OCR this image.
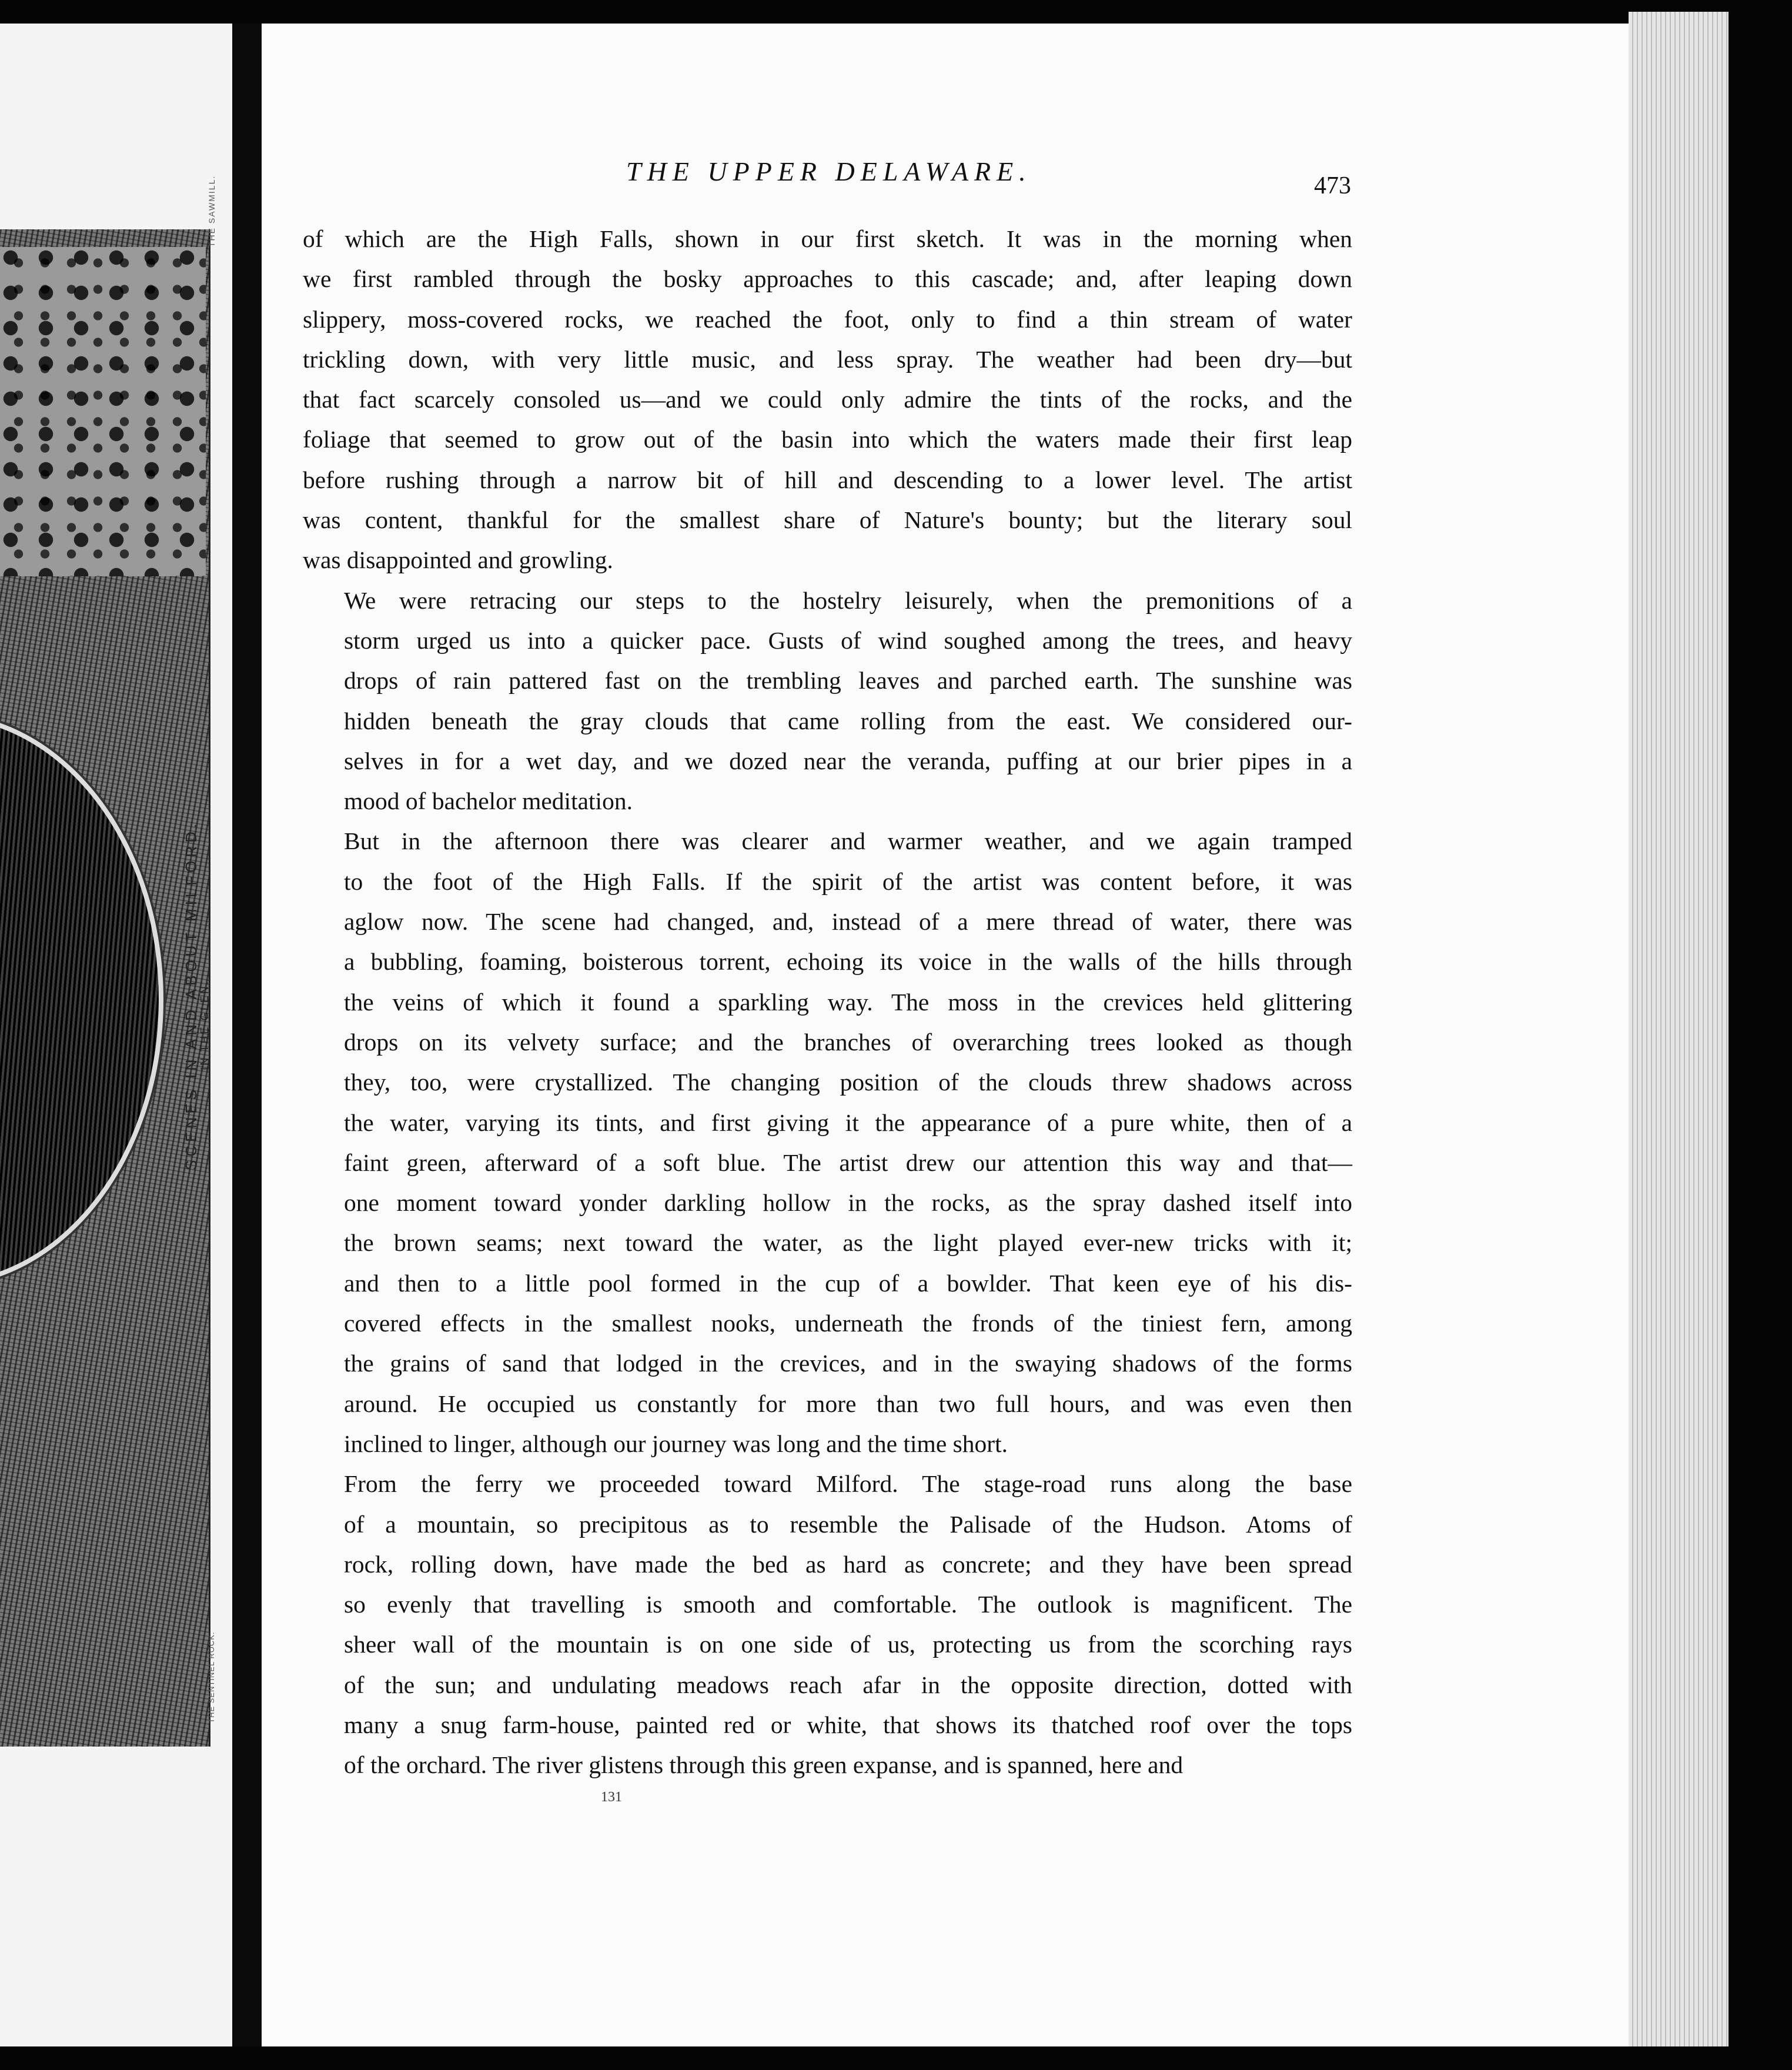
SCENES IN AND ABOUT MILFORD.
IN THE GLEN.
THE SAWMILL.
THE SENTINEL ROCK.
THE UPPER DELAWARE.	473

of which are the High Falls, shown in our first sketch. It was in the morning when
we first rambled through the bosky approaches to this cascade; and, after leaping down
slippery, moss-covered rocks, we reached the foot, only to find a thin stream of water
trickling down, with very little music, and less spray. The weather had been dry—but
that fact scarcely consoled us—and we could only admire the tints of the rocks, and the
foliage that seemed to grow out of the basin into which the waters made their first leap
before rushing through a narrow bit of hill and descending to a lower level. The artist
was content, thankful for the smallest share of Nature's bounty; but the literary soul
was disappointed and growling.

We were retracing our steps to the hostelry leisurely, when the premonitions of a
storm urged us into a quicker pace. Gusts of wind soughed among the trees, and heavy
drops of rain pattered fast on the trembling leaves and parched earth. The sunshine was
hidden beneath the gray clouds that came rolling from the east. We considered our-
selves in for a wet day, and we dozed near the veranda, puffing at our brier pipes in a
mood of bachelor meditation.

But in the afternoon there was clearer and warmer weather, and we again tramped
to the foot of the High Falls. If the spirit of the artist was content before, it was
aglow now. The scene had changed, and, instead of a mere thread of water, there was
a bubbling, foaming, boisterous torrent, echoing its voice in the walls of the hills through
the veins of which it found a sparkling way. The moss in the crevices held glittering
drops on its velvety surface; and the branches of overarching trees looked as though
they, too, were crystallized. The changing position of the clouds threw shadows across
the water, varying its tints, and first giving it the appearance of a pure white, then of a
faint green, afterward of a soft blue. The artist drew our attention this way and that—
one moment toward yonder darkling hollow in the rocks, as the spray dashed itself into
the brown seams; next toward the water, as the light played ever-new tricks with it;
and then to a little pool formed in the cup of a bowlder. That keen eye of his dis-
covered effects in the smallest nooks, underneath the fronds of the tiniest fern, among
the grains of sand that lodged in the crevices, and in the swaying shadows of the forms
around. He occupied us constantly for more than two full hours, and was even then
inclined to linger, although our journey was long and the time short.

From the ferry we proceeded toward Milford. The stage-road runs along the base
of a mountain, so precipitous as to resemble the Palisade of the Hudson. Atoms of
rock, rolling down, have made the bed as hard as concrete; and they have been spread
so evenly that travelling is smooth and comfortable. The outlook is magnificent. The
sheer wall of the mountain is on one side of us, protecting us from the scorching rays
of the sun; and undulating meadows reach afar in the opposite direction, dotted with
many a snug farm-house, painted red or white, that shows its thatched roof over the tops
of the orchard. The river glistens through this green expanse, and is spanned, here and

131
